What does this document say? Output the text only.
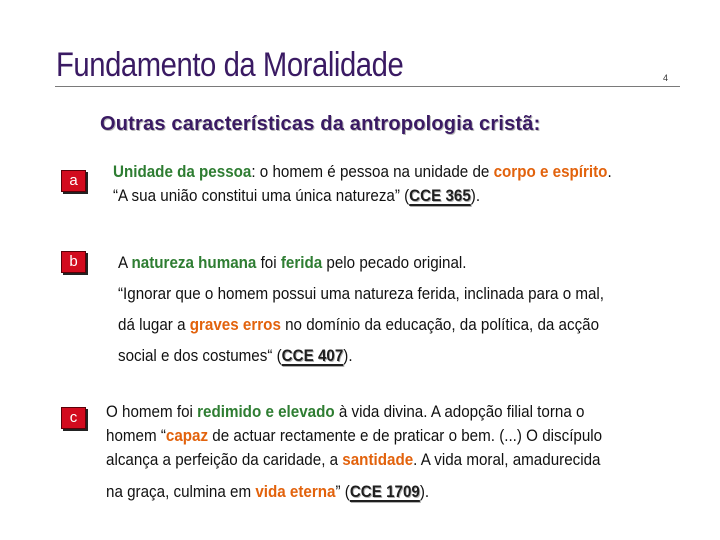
Fundamento da Moralidade	4
Outras características da antropologia cristã:
a	Unidade da pessoa: o homem é pessoa na unidade de corpo e espírito.
“A sua união constitui uma única natureza” (CCE 365).
b	A natureza humana foi ferida pelo pecado original.
“Ignorar que o homem possui uma natureza ferida, inclinada para o mal,
dá lugar a graves erros no domínio da educação, da política, da acção
social e dos costumes“ (CCE 407).
c	O homem foi redimido e elevado à vida divina. A adopção filial torna o
homem “capaz de actuar rectamente e de praticar o bem. (...) O discípulo
alcança a perfeição da caridade, a santidade. A vida moral, amadurecida
na graça, culmina em vida eterna” (CCE 1709).
